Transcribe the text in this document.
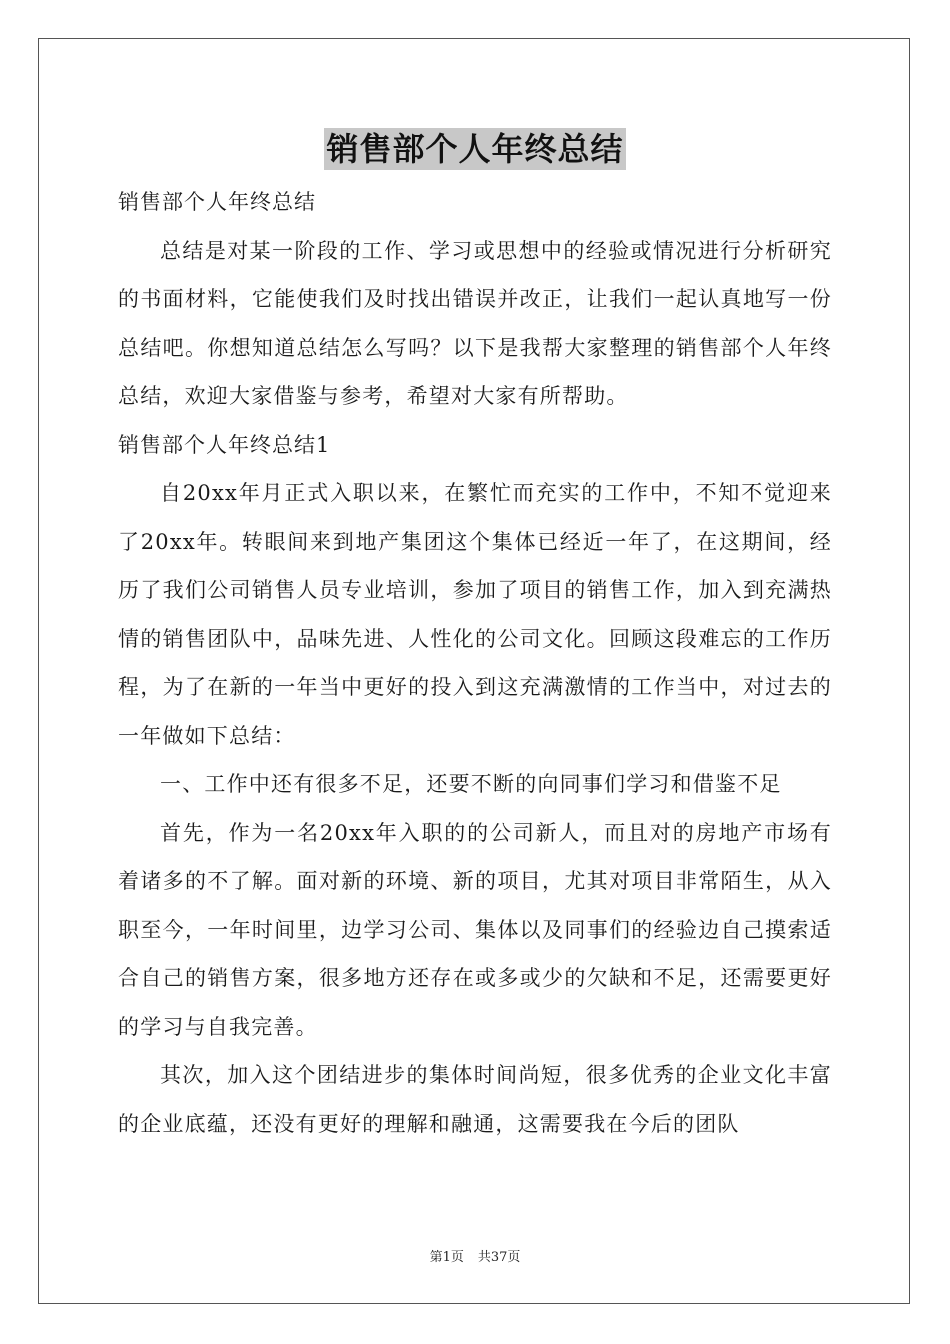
销售部个人年终总结

销售部个人年终总结

总结是对某一阶段的工作、学习或思想中的经验或情况进行分析研究的书面材料，它能使我们及时找出错误并改正，让我们一起认真地写一份总结吧。你想知道总结怎么写吗？以下是我帮大家整理的销售部个人年终总结，欢迎大家借鉴与参考，希望对大家有所帮助。

销售部个人年终总结1

自20xx年月正式入职以来，在繁忙而充实的工作中，不知不觉迎来了20xx年。转眼间来到地产集团这个集体已经近一年了，在这期间，经历了我们公司销售人员专业培训，参加了项目的销售工作，加入到充满热情的销售团队中，品味先进、人性化的公司文化。回顾这段难忘的工作历程，为了在新的一年当中更好的投入到这充满激情的工作当中，对过去的一年做如下总结：

一、工作中还有很多不足，还要不断的向同事们学习和借鉴不足

首先，作为一名20xx年入职的的公司新人，而且对的房地产市场有着诸多的不了解。面对新的环境、新的项目，尤其对项目非常陌生，从入职至今，一年时间里，边学习公司、集体以及同事们的经验边自己摸索适合自己的销售方案，很多地方还存在或多或少的欠缺和不足，还需要更好的学习与自我完善。

其次，加入这个团结进步的集体时间尚短，很多优秀的企业文化丰富的企业底蕴，还没有更好的理解和融通，这需要我在今后的团队

第1页 共37页
